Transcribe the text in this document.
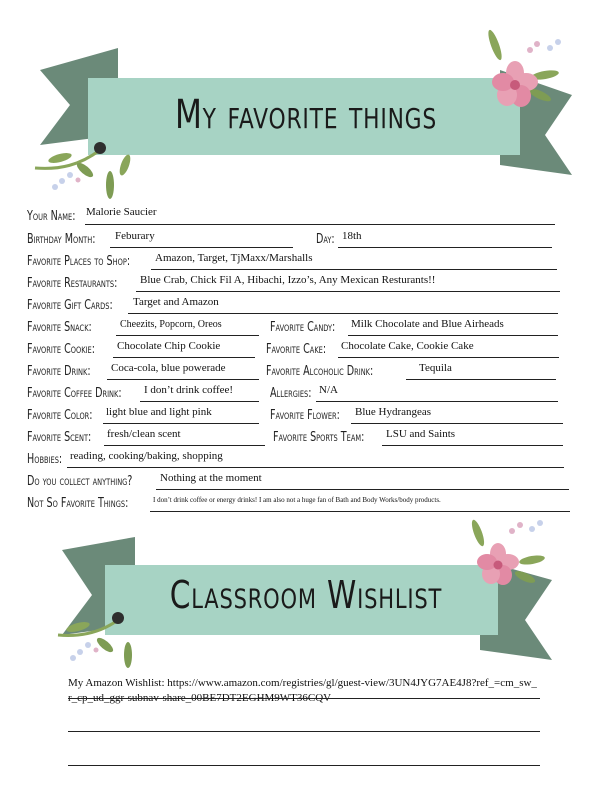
My favorite things
Your Name: Malorie Saucier
Birthday Month: Feburary	Day: 18th
Favorite Places to Shop: Amazon, Target, TjMaxx/Marshalls
Favorite Restaurants: Blue Crab, Chick Fil A, Hibachi, Izzo’s, Any Mexican Resturants!!
Favorite Gift Cards: Target and Amazon
Favorite Snack:	Cheezits, Popcorn, Oreos	Favorite Candy: Milk Chocolate and Blue Airheads
Favorite Cookie: Chocolate Chip Cookie	Favorite Cake: Chocolate Cake, Cookie Cake
Favorite Drink: Coca-cola, blue powerade	Favorite Alcoholic Drink:	Tequila
Favorite Coffee Drink: I don’t drink coffee!	Allergies: N/A
Favorite Color: light blue and light pink	Favorite Flower: Blue Hydrangeas
Favorite Scent: fresh/clean scent	Favorite Sports Team: LSU and Saints
Hobbies: reading, cooking/baking, shopping
Do you collect anything?	Nothing at the moment
Not So Favorite Things:	I don’t drink coffee or energy drinks! I am also not a huge fan of Bath and Body Works/body products.
Classroom Wishlist
My Amazon Wishlist: https://www.amazon.com/registries/gl/guest-view/3UN4JYG7AE4J8?ref_=cm_sw_r_cp_ud_ggr-subnav-share_00BE7DT2EGHM9WT36CQV
